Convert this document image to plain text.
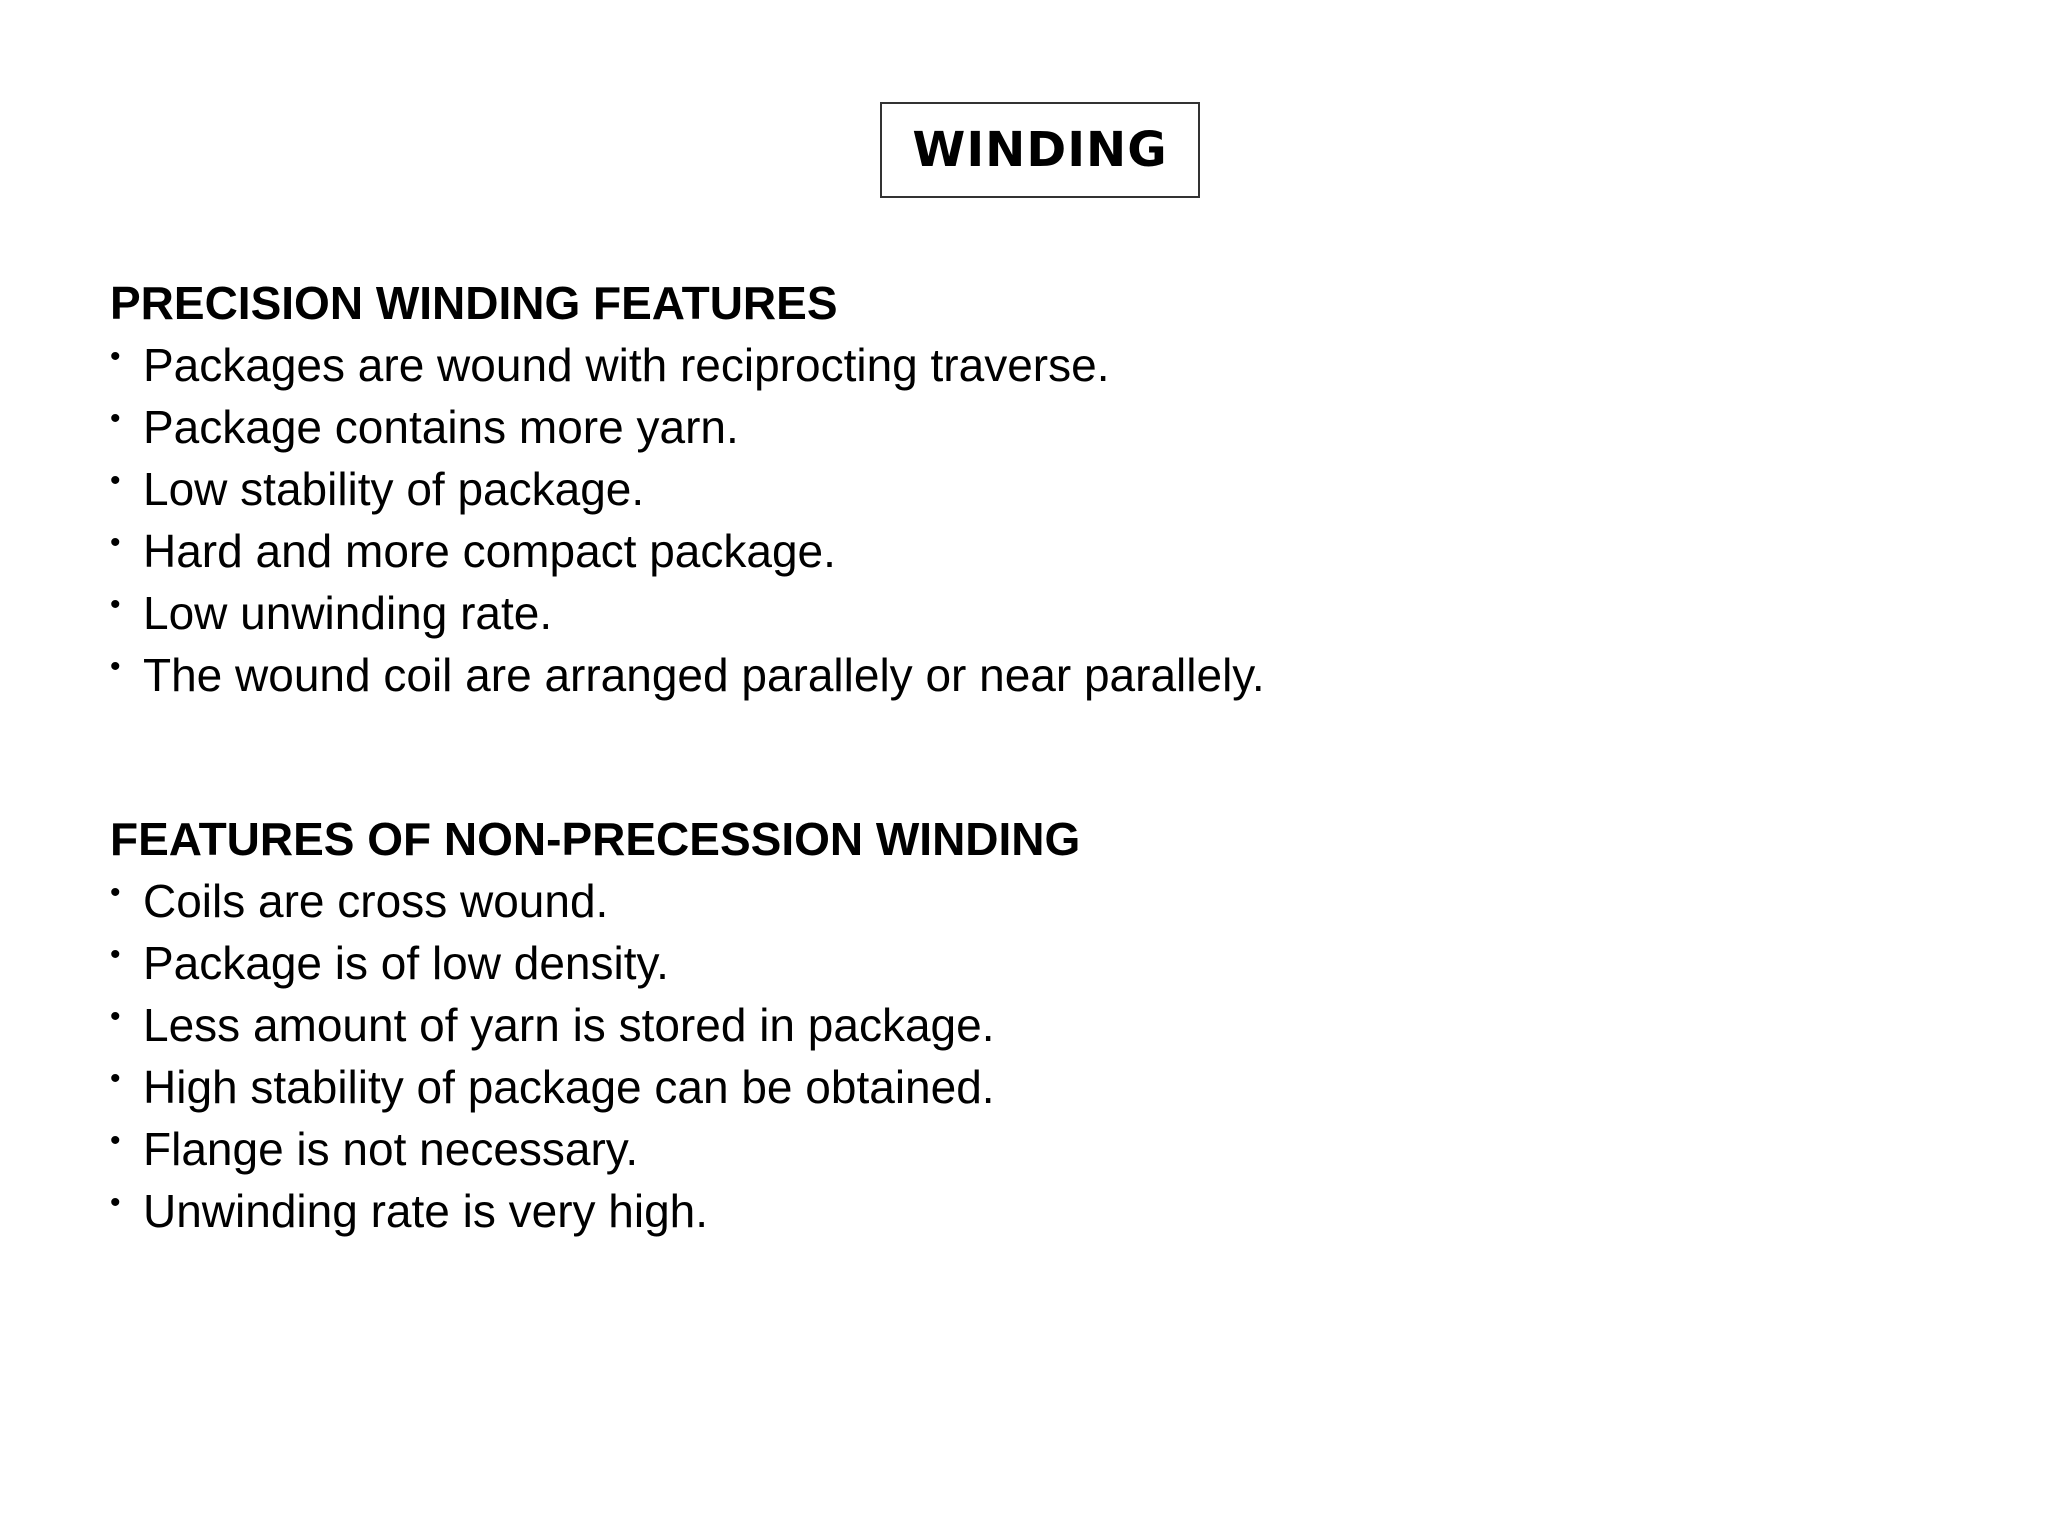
WINDING
PRECISION WINDING FEATURES
• Packages are wound with reciprocting traverse.
• Package contains more yarn.
• Low stability of package.
• Hard and more compact package.
• Low unwinding rate.
• The wound coil are arranged parallely or near parallely.
FEATURES OF NON-PRECESSION WINDING
• Coils are cross wound.
• Package is of low density.
• Less amount of yarn is stored in package.
• High stability of package can be obtained.
• Flange is not necessary.
• Unwinding rate is very high.
